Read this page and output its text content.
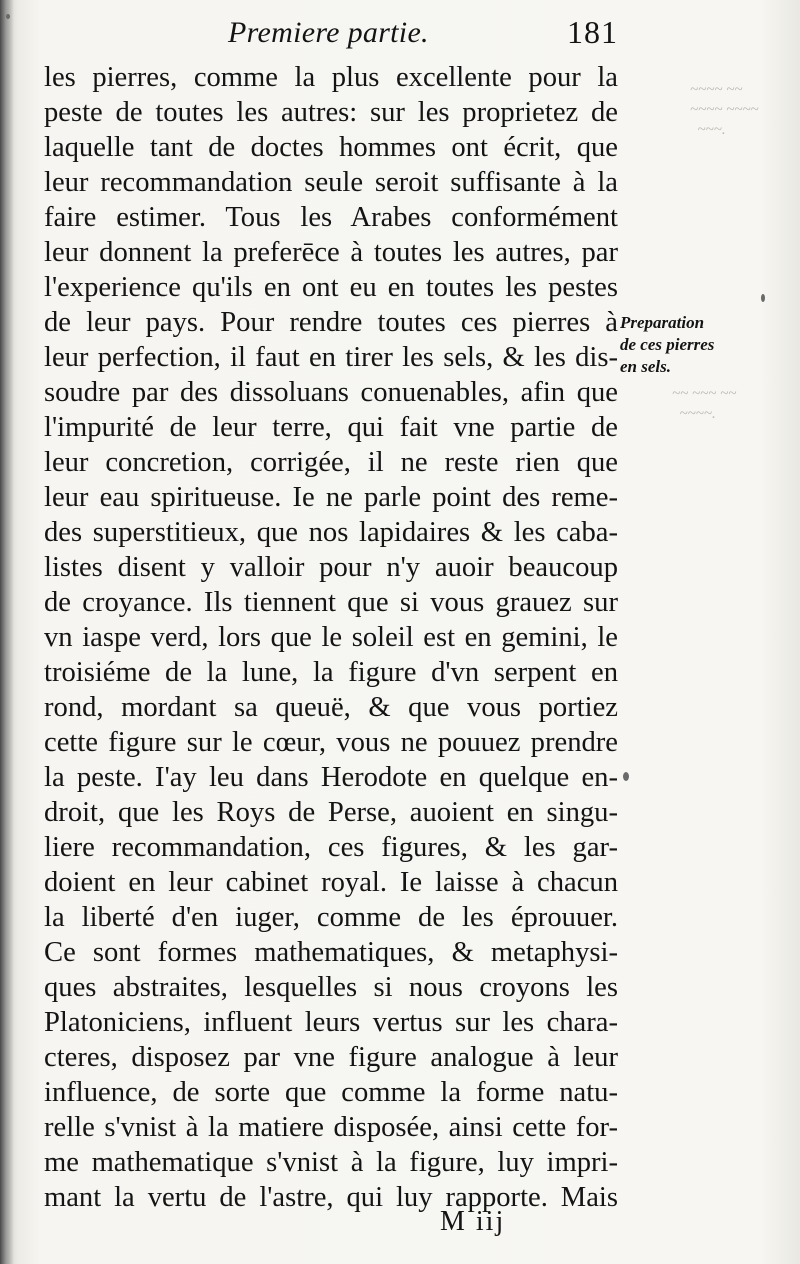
Premiere partie.	181
~~~~ ~~
~~~~ ~~~~
~~~.
~~ ~~~ ~~
~~~~.
les pierres, comme la plus excellente pour la
peste de toutes les autres: sur les proprietez de
laquelle tant de doctes hommes ont écrit, que
leur recommandation seule seroit suffisante à la
faire estimer. Tous les Arabes conformément
leur donnent la preferēce à toutes les autres, par
l'experience qu'ils en ont eu en toutes les pestes
de leur pays. Pour rendre toutes ces pierres à
leur perfection, il faut en tirer les sels, & les dis-
soudre par des dissoluans conuenables, afin que
l'impurité de leur terre, qui fait vne partie de
leur concretion, corrigée, il ne reste rien que
leur eau spiritueuse. Ie ne parle point des reme-
des superstitieux, que nos lapidaires & les caba-
listes disent y valloir pour n'y auoir beaucoup
de croyance. Ils tiennent que si vous grauez sur
vn iaspe verd, lors que le soleil est en gemini, le
troisiéme de la lune, la figure d'vn serpent en
rond, mordant sa queuë, & que vous portiez
cette figure sur le cœur, vous ne pouuez prendre
la peste. I'ay leu dans Herodote en quelque en-
droit, que les Roys de Perse, auoient en singu-
liere recommandation, ces figures, & les gar-
doient en leur cabinet royal. Ie laisse à chacun
la liberté d'en iuger, comme de les éprouuer.
Ce sont formes mathematiques, & metaphysi-
ques abstraites, lesquelles si nous croyons les
Platoniciens, influent leurs vertus sur les chara-
cteres, disposez par vne figure analogue à leur
influence, de sorte que comme la forme natu-
relle s'vnist à la matiere disposée, ainsi cette for-
me mathematique s'vnist à la figure, luy impri-
mant la vertu de l'astre, qui luy rapporte. Mais
Preparation
de ces pierres
en sels.
M iij
